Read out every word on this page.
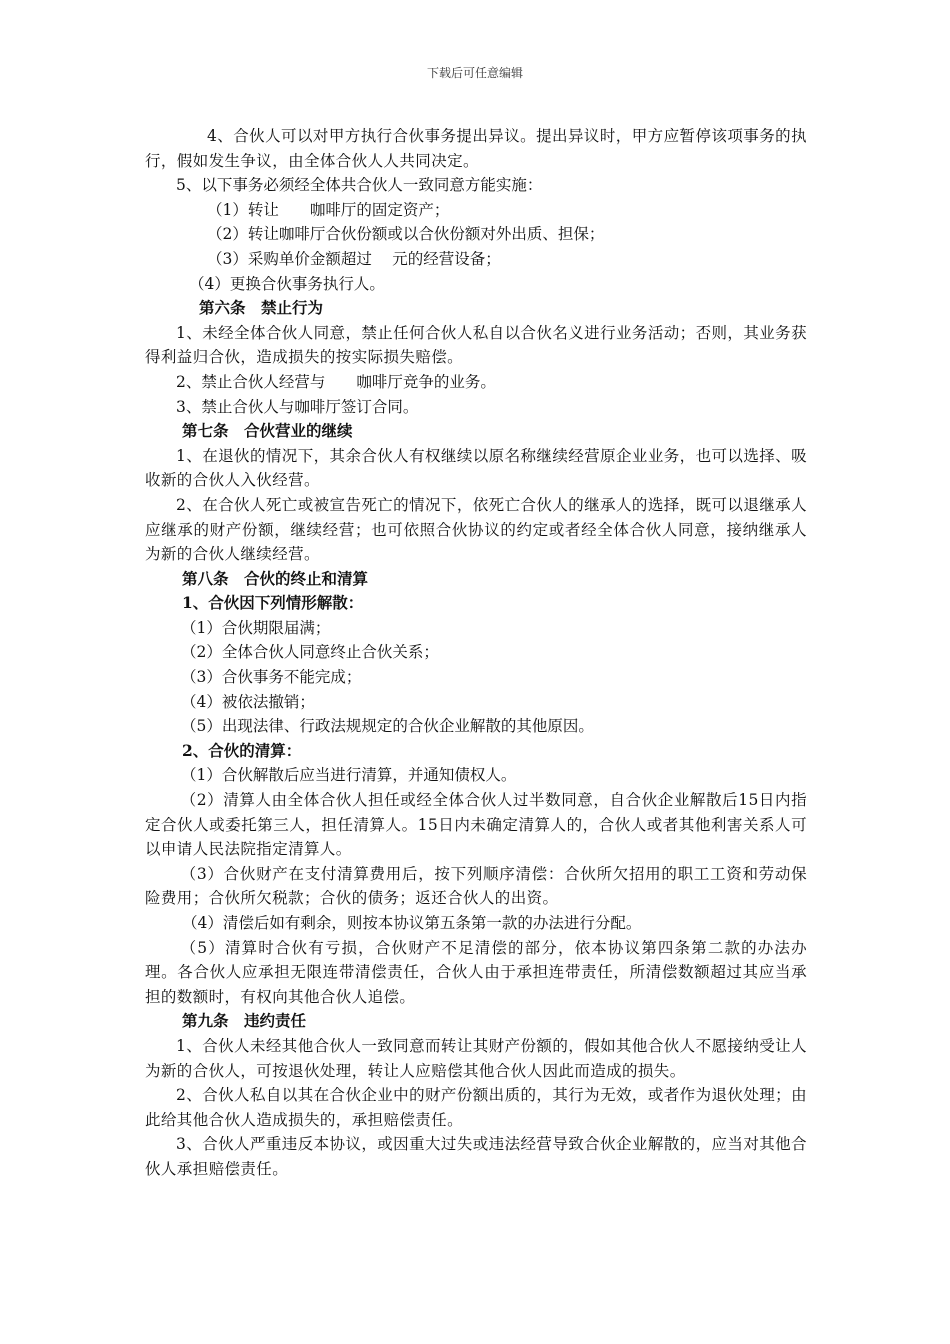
下载后可任意编辑
4、合伙人可以对甲方执行合伙事务提出异议。提出异议时，甲方应暂停该项事务的执行，假如发生争议，由全体合伙人人共同决定。
5、以下事务必须经全体共合伙人一致同意方能实施：
（1）转让　　咖啡厅的固定资产；
（2）转让咖啡厅合伙份额或以合伙份额对外出质、担保；
（3）采购单价金额超过　 元的经营设备；
（4）更换合伙事务执行人。
第六条　禁止行为
1、未经全体合伙人同意，禁止任何合伙人私自以合伙名义进行业务活动；否则，其业务获得利益归合伙，造成损失的按实际损失赔偿。
2、禁止合伙人经营与　　咖啡厅竞争的业务。
3、禁止合伙人与咖啡厅签订合同。
第七条　合伙营业的继续
1、在退伙的情况下，其余合伙人有权继续以原名称继续经营原企业业务，也可以选择、吸收新的合伙人入伙经营。
2、在合伙人死亡或被宣告死亡的情况下，依死亡合伙人的继承人的选择，既可以退继承人应继承的财产份额，继续经营；也可依照合伙协议的约定或者经全体合伙人同意，接纳继承人为新的合伙人继续经营。
第八条　合伙的终止和清算
1、合伙因下列情形解散：
（1）合伙期限届满；
（2）全体合伙人同意终止合伙关系；
（3）合伙事务不能完成；
（4）被依法撤销；
（5）出现法律、行政法规规定的合伙企业解散的其他原因。
2、合伙的清算：
（1）合伙解散后应当进行清算，并通知债权人。
（2）清算人由全体合伙人担任或经全体合伙人过半数同意，自合伙企业解散后15日内指定合伙人或委托第三人，担任清算人。15日内未确定清算人的，合伙人或者其他利害关系人可以申请人民法院指定清算人。
（3）合伙财产在支付清算费用后，按下列顺序清偿：合伙所欠招用的职工工资和劳动保险费用；合伙所欠税款；合伙的债务；返还合伙人的出资。
（4）清偿后如有剩余，则按本协议第五条第一款的办法进行分配。
（5）清算时合伙有亏损，合伙财产不足清偿的部分，依本协议第四条第二款的办法办理。各合伙人应承担无限连带清偿责任，合伙人由于承担连带责任，所清偿数额超过其应当承担的数额时，有权向其他合伙人追偿。
第九条　违约责任
1、合伙人未经其他合伙人一致同意而转让其财产份额的，假如其他合伙人不愿接纳受让人为新的合伙人，可按退伙处理，转让人应赔偿其他合伙人因此而造成的损失。
2、合伙人私自以其在合伙企业中的财产份额出质的，其行为无效，或者作为退伙处理；由此给其他合伙人造成损失的，承担赔偿责任。
3、合伙人严重违反本协议，或因重大过失或违法经营导致合伙企业解散的，应当对其他合伙人承担赔偿责任。
